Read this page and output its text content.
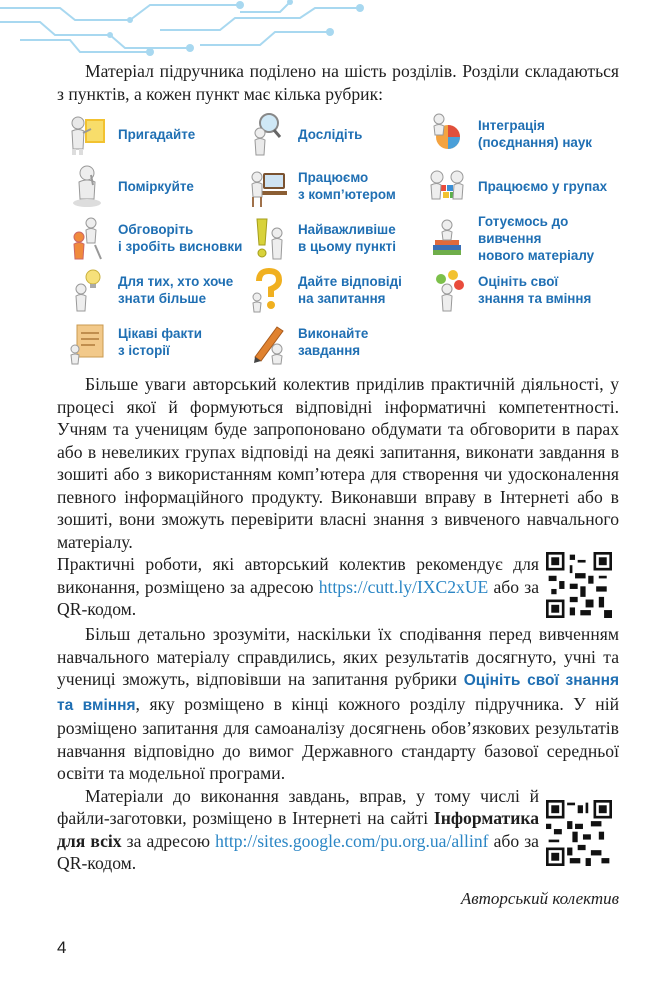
Матеріал підручника поділено на шість розділів. Розділи складаються з пунктів, а кожен пункт має кілька рубрик:

Пригадайте	Дослідіть
Інтеграція
(поєднання) наук
Поміркуйте
Працюємо
з комп’ютером
Працюємо у групах
Обговоріть
і зробіть висновки
Найважливіше
в цьому пункті
Готуємось до вивчення
нового матеріалу
Для тих, хто хоче
знати більше
Дайте відповіді
на запитання
Оцініть свої
знання та вміння
Цікаві факти
з історії
Виконайте
завдання

Більше уваги авторський колектив приділив практичній діяльності, у процесі якої й формуються відповідні інформатичні компетентності. Учням та ученицям буде запропоновано обдумати та обговорити в парах або в невеликих групах відповіді на деякі запитання, виконати завдання в зошиті або з використанням комп’ютера для створення чи удосконалення певного інформаційного продукту. Виконавши вправу в Інтернеті або в зошиті, вони зможуть перевірити власні знання з вивченого навчального матеріалу.

Практичні роботи, які авторський колектив рекомендує для виконання, розміщено за адресою https://cutt.ly/IXC2xUE або за QR-кодом.

Більш детально зрозуміти, наскільки їх сподівання перед вивченням навчального матеріалу справдились, яких результатів досягнуто, учні та учениці зможуть, відповівши на запитання рубрики Оцініть свої знання та вміння, яку розміщено в кінці кожного розділу підручника. У ній розміщено запитання для самоаналізу досягнень обов’язкових результатів навчання відповідно до вимог Державного стандарту базової середньої освіти та модельної програми.

Матеріали до виконання завдань, вправ, у тому числі й файли-заготовки, розміщено в Інтернеті на сайті Інформатика для всіх за адресою http://sites.google.com/pu.org.ua/allinf або за QR-кодом.

Авторський колектив
4
